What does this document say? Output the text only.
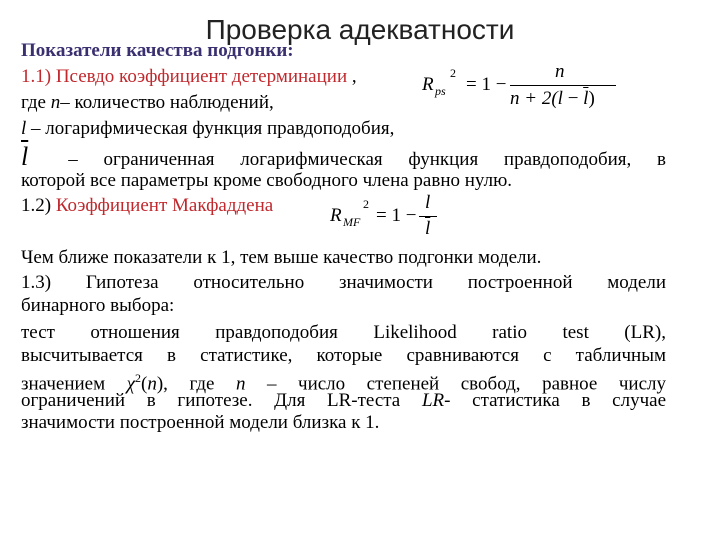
Проверка адекватности
Показатели качества подгонки:
1.1) Псевдо коэффициент детерминации ,	R ps
2
= 1 −
n
$n + 2(l - \overline{l})$
где n– количество наблюдений,
l – логарифмическая функция правдоподобия,
$\overline{l}$ – ограниченная логарифмическая функция правдоподобия, в
которой все параметры кроме свободного члена равно нулю.
1.2) Коэффициент Макфаддена	R MF
2
= 1 −
l
$\overline{l}$
Чем ближе показатели к 1, тем выше качество подгонки модели.
1.3) Гипотеза относительно значимости построенной модели
бинарного выбора:
тест отношения правдоподобия Likelihood ratio test (LR),
высчитывается в статистике, которые сравниваются с табличным
значением $\chi^2(n)$, где n – число степеней свобод, равное числу
ограничений в гипотезе. Для LR-теста LR- статистика в случае
значимости построенной модели близка к 1.
